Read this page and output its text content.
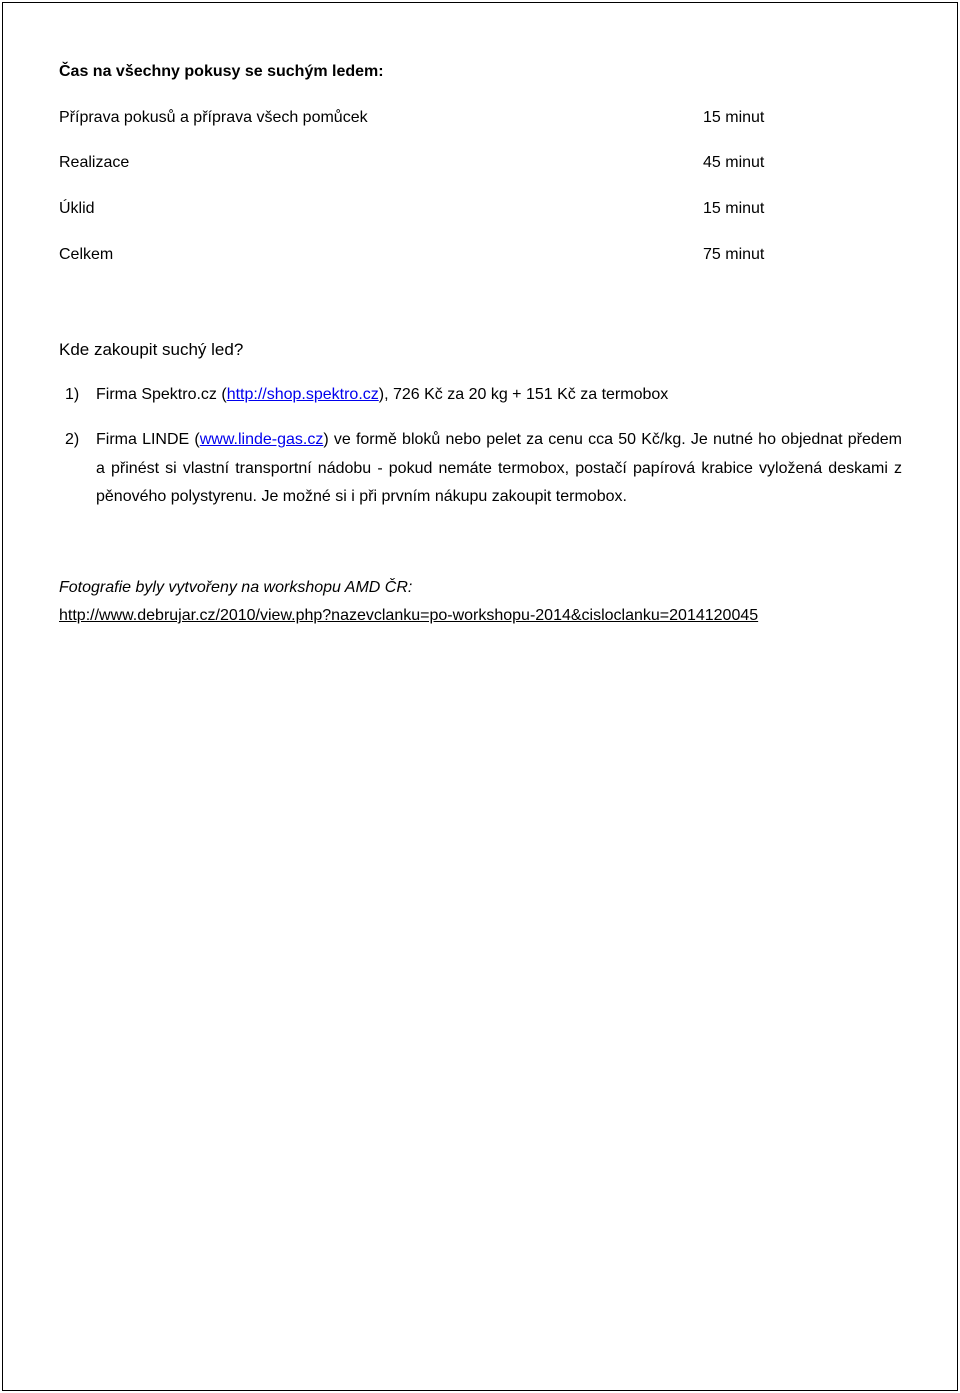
Čas na všechny pokusy se suchým ledem:
Příprava pokusů a příprava všech pomůcek	15 minut
Realizace	45 minut
Úklid	15 minut
Celkem	75 minut
Kde zakoupit suchý led?
1) Firma Spektro.cz (http://shop.spektro.cz), 726 Kč za 20 kg + 151 Kč za termobox
2) Firma LINDE (www.linde-gas.cz) ve formě bloků nebo pelet za cenu cca 50 Kč/kg. Je nutné ho objednat předem a přinést si vlastní transportní nádobu - pokud nemáte termobox, postačí papírová krabice vyložená deskami z pěnového polystyrenu. Je možné si i při prvním nákupu zakoupit termobox.
Fotografie byly vytvořeny na workshopu AMD ČR:
http://www.debrujar.cz/2010/view.php?nazevclanku=po-workshopu-2014&cisloclanku=2014120045
